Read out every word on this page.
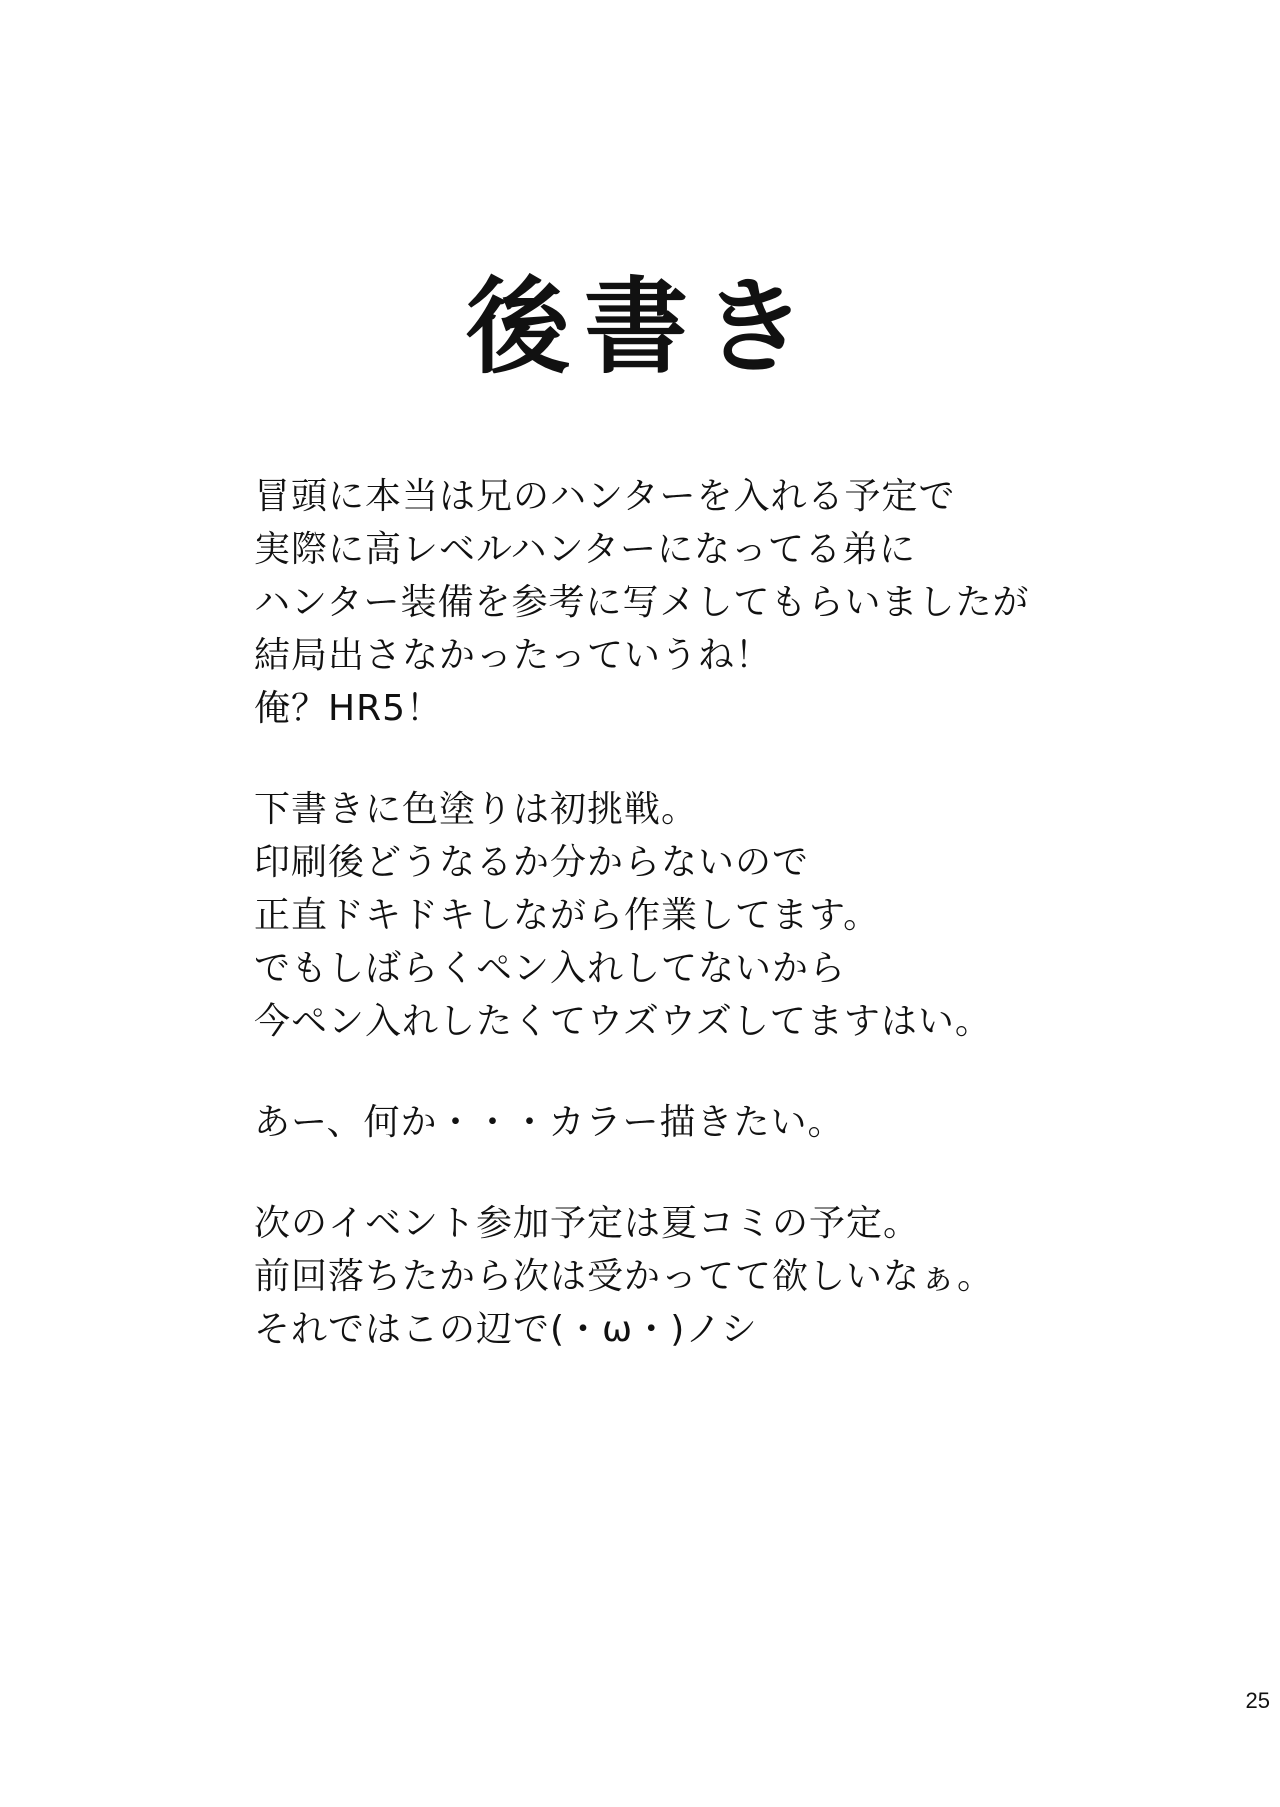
後書き

冒頭に本当は兄のハンターを入れる予定で
実際に高レベルハンターになってる弟に
ハンター装備を参考に写メしてもらいましたが
結局出さなかったっていうね！
俺？HR5！

下書きに色塗りは初挑戦。
印刷後どうなるか分からないので
正直ドキドキしながら作業してます。
でもしばらくペン入れしてないから
今ペン入れしたくてウズウズしてますはい。

あー、何か・・・カラー描きたい。

次のイベント参加予定は夏コミの予定。
前回落ちたから次は受かってて欲しいなぁ。
それではこの辺で(・ω・)ノシ

25
